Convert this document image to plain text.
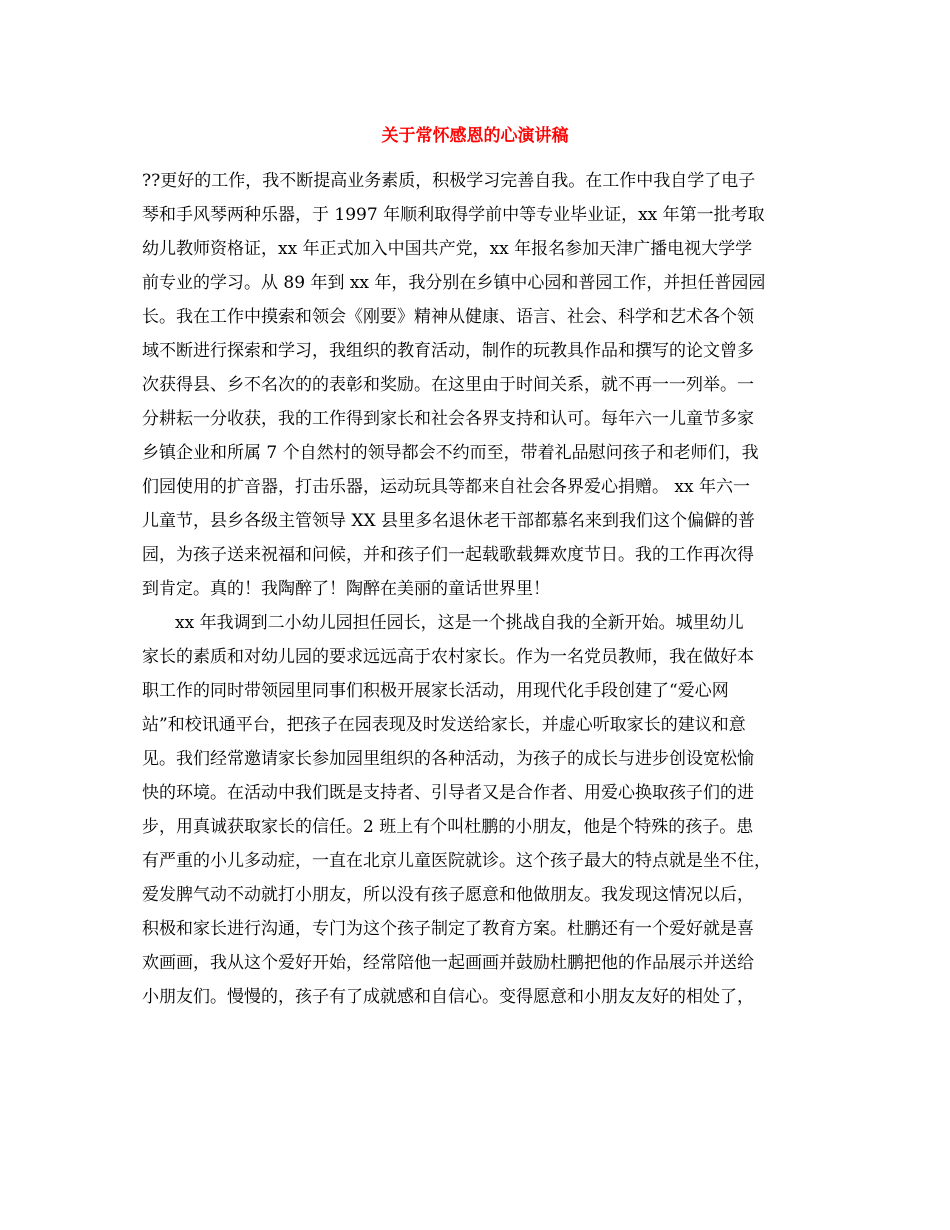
关于常怀感恩的心演讲稿
??更好的工作，我不断提高业务素质，积极学习完善自我。在工作中我自学了电子
琴和手风琴两种乐器，于 1997 年顺利取得学前中等专业毕业证，xx 年第一批考取
幼儿教师资格证，xx 年正式加入中国共产党，xx 年报名参加天津广播电视大学学
前专业的学习。从 89 年到 xx 年，我分别在乡镇中心园和普园工作，并担任普园园
长。我在工作中摸索和领会《刚要》精神从健康、语言、社会、科学和艺术各个领
域不断进行探索和学习，我组织的教育活动，制作的玩教具作品和撰写的论文曾多
次获得县、乡不名次的的表彰和奖励。在这里由于时间关系，就不再一一列举。一
分耕耘一分收获，我的工作得到家长和社会各界支持和认可。每年六一儿童节多家
乡镇企业和所属 7 个自然村的领导都会不约而至，带着礼品慰问孩子和老师们，我
们园使用的扩音器，打击乐器，运动玩具等都来自社会各界爱心捐赠。 xx 年六一
儿童节，县乡各级主管领导 XX 县里多名退休老干部都慕名来到我们这个偏僻的普
园，为孩子送来祝福和问候，并和孩子们一起载歌载舞欢度节日。我的工作再次得
到肯定。真的！我陶醉了！陶醉在美丽的童话世界里！
xx 年我调到二小幼儿园担任园长，这是一个挑战自我的全新开始。城里幼儿
家长的素质和对幼儿园的要求远远高于农村家长。作为一名党员教师，我在做好本
职工作的同时带领园里同事们积极开展家长活动，用现代化手段创建了“爱心网
站”和校讯通平台，把孩子在园表现及时发送给家长，并虚心听取家长的建议和意
见。我们经常邀请家长参加园里组织的各种活动，为孩子的成长与进步创设宽松愉
快的环境。在活动中我们既是支持者、引导者又是合作者、用爱心换取孩子们的进
步，用真诚获取家长的信任。2 班上有个叫杜鹏的小朋友，他是个特殊的孩子。患
有严重的小儿多动症，一直在北京儿童医院就诊。这个孩子最大的特点就是坐不住，
爱发脾气动不动就打小朋友，所以没有孩子愿意和他做朋友。我发现这情况以后，
积极和家长进行沟通，专门为这个孩子制定了教育方案。杜鹏还有一个爱好就是喜
欢画画，我从这个爱好开始，经常陪他一起画画并鼓励杜鹏把他的作品展示并送给
小朋友们。慢慢的，孩子有了成就感和自信心。变得愿意和小朋友友好的相处了，
